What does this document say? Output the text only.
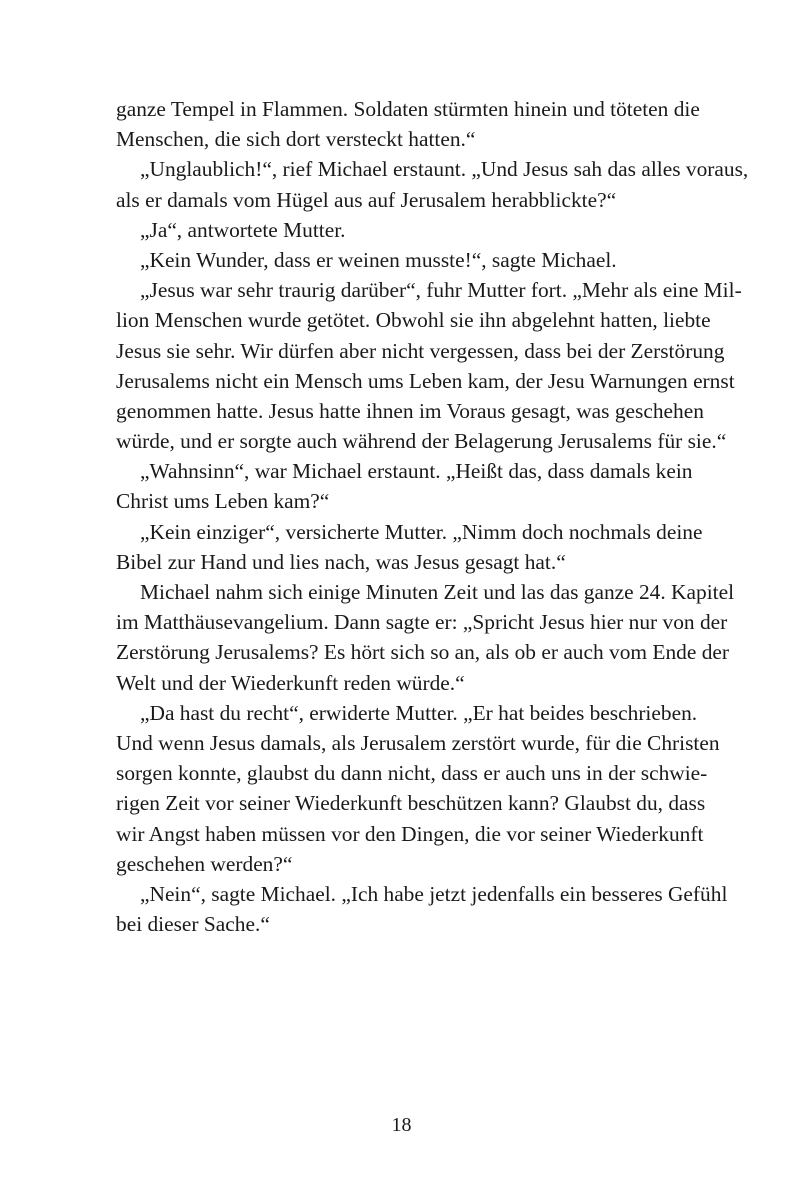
ganze Tempel in Flammen. Soldaten stürmten hinein und töteten die
Menschen, die sich dort versteckt hatten.“
„Unglaublich!“, rief Michael erstaunt. „Und Jesus sah das alles voraus,
als er damals vom Hügel aus auf Jerusalem herabblickte?“
„Ja“, antwortete Mutter.
„Kein Wunder, dass er weinen musste!“, sagte Michael.
„Jesus war sehr traurig darüber“, fuhr Mutter fort. „Mehr als eine Mil-
lion Menschen wurde getötet. Obwohl sie ihn abgelehnt hatten, liebte
Jesus sie sehr. Wir dürfen aber nicht vergessen, dass bei der Zerstörung
Jerusalems nicht ein Mensch ums Leben kam, der Jesu Warnungen ernst
genommen hatte. Jesus hatte ihnen im Voraus gesagt, was geschehen
würde, und er sorgte auch während der Belagerung Jerusalems für sie.“
„Wahnsinn“, war Michael erstaunt. „Heißt das, dass damals kein
Christ ums Leben kam?“
„Kein einziger“, versicherte Mutter. „Nimm doch nochmals deine
Bibel zur Hand und lies nach, was Jesus gesagt hat.“
Michael nahm sich einige Minuten Zeit und las das ganze 24. Kapitel
im Matthäusevangelium. Dann sagte er: „Spricht Jesus hier nur von der
Zerstörung Jerusalems? Es hört sich so an, als ob er auch vom Ende der
Welt und der Wiederkunft reden würde.“
„Da hast du recht“, erwiderte Mutter. „Er hat beides beschrieben.
Und wenn Jesus damals, als Jerusalem zerstört wurde, für die Christen
sorgen konnte, glaubst du dann nicht, dass er auch uns in der schwie-
rigen Zeit vor seiner Wiederkunft beschützen kann? Glaubst du, dass
wir Angst haben müssen vor den Dingen, die vor seiner Wiederkunft
geschehen werden?“
„Nein“, sagte Michael. „Ich habe jetzt jedenfalls ein besseres Gefühl
bei dieser Sache.“
18
